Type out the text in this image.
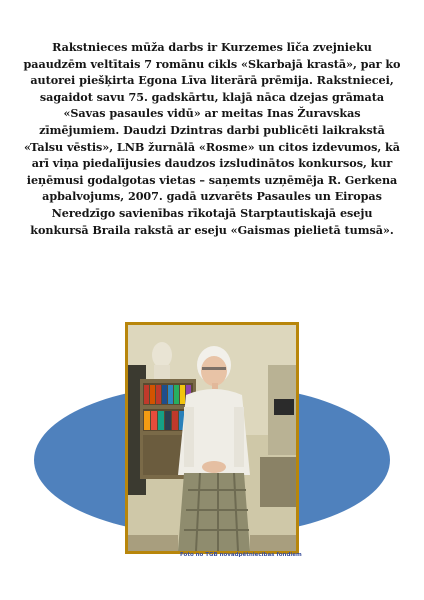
Rakstnieces mūža darbs ir Kurzemes līča zvejnieku paaudzēm veltītais 7 romānu cikls «Skarbajā krastā», par ko autorei piešķirta Egona Līva literārā prēmija. Rakstniecei, sagaidot savu 75. gadskārtu, klajā nāca dzejas grāmata «Savas pasaules vidū» ar meitas Inas Žuravskas zīmējumiem. Daudzi Dzintras darbi publicēti laikrakstā «Talsu vēstis», LNB žurnālā «Rosme» un citos izdevumos, kā arī viņa piedalījusies daudzos izsludinātos konkursos, kur ieņēmusi godalgotas vietas – saņemts uzņēmēja R. Gerkena apbalvojums, 2007. gadā uzvarēts Pasaules un Eiropas Neredzīgo savienības rīkotajā Starptautiskajā eseju konkursā Braila rakstā ar eseju «Gaismas pielietā tumsā».

Foto no TGB novadpētniecības fondiem
